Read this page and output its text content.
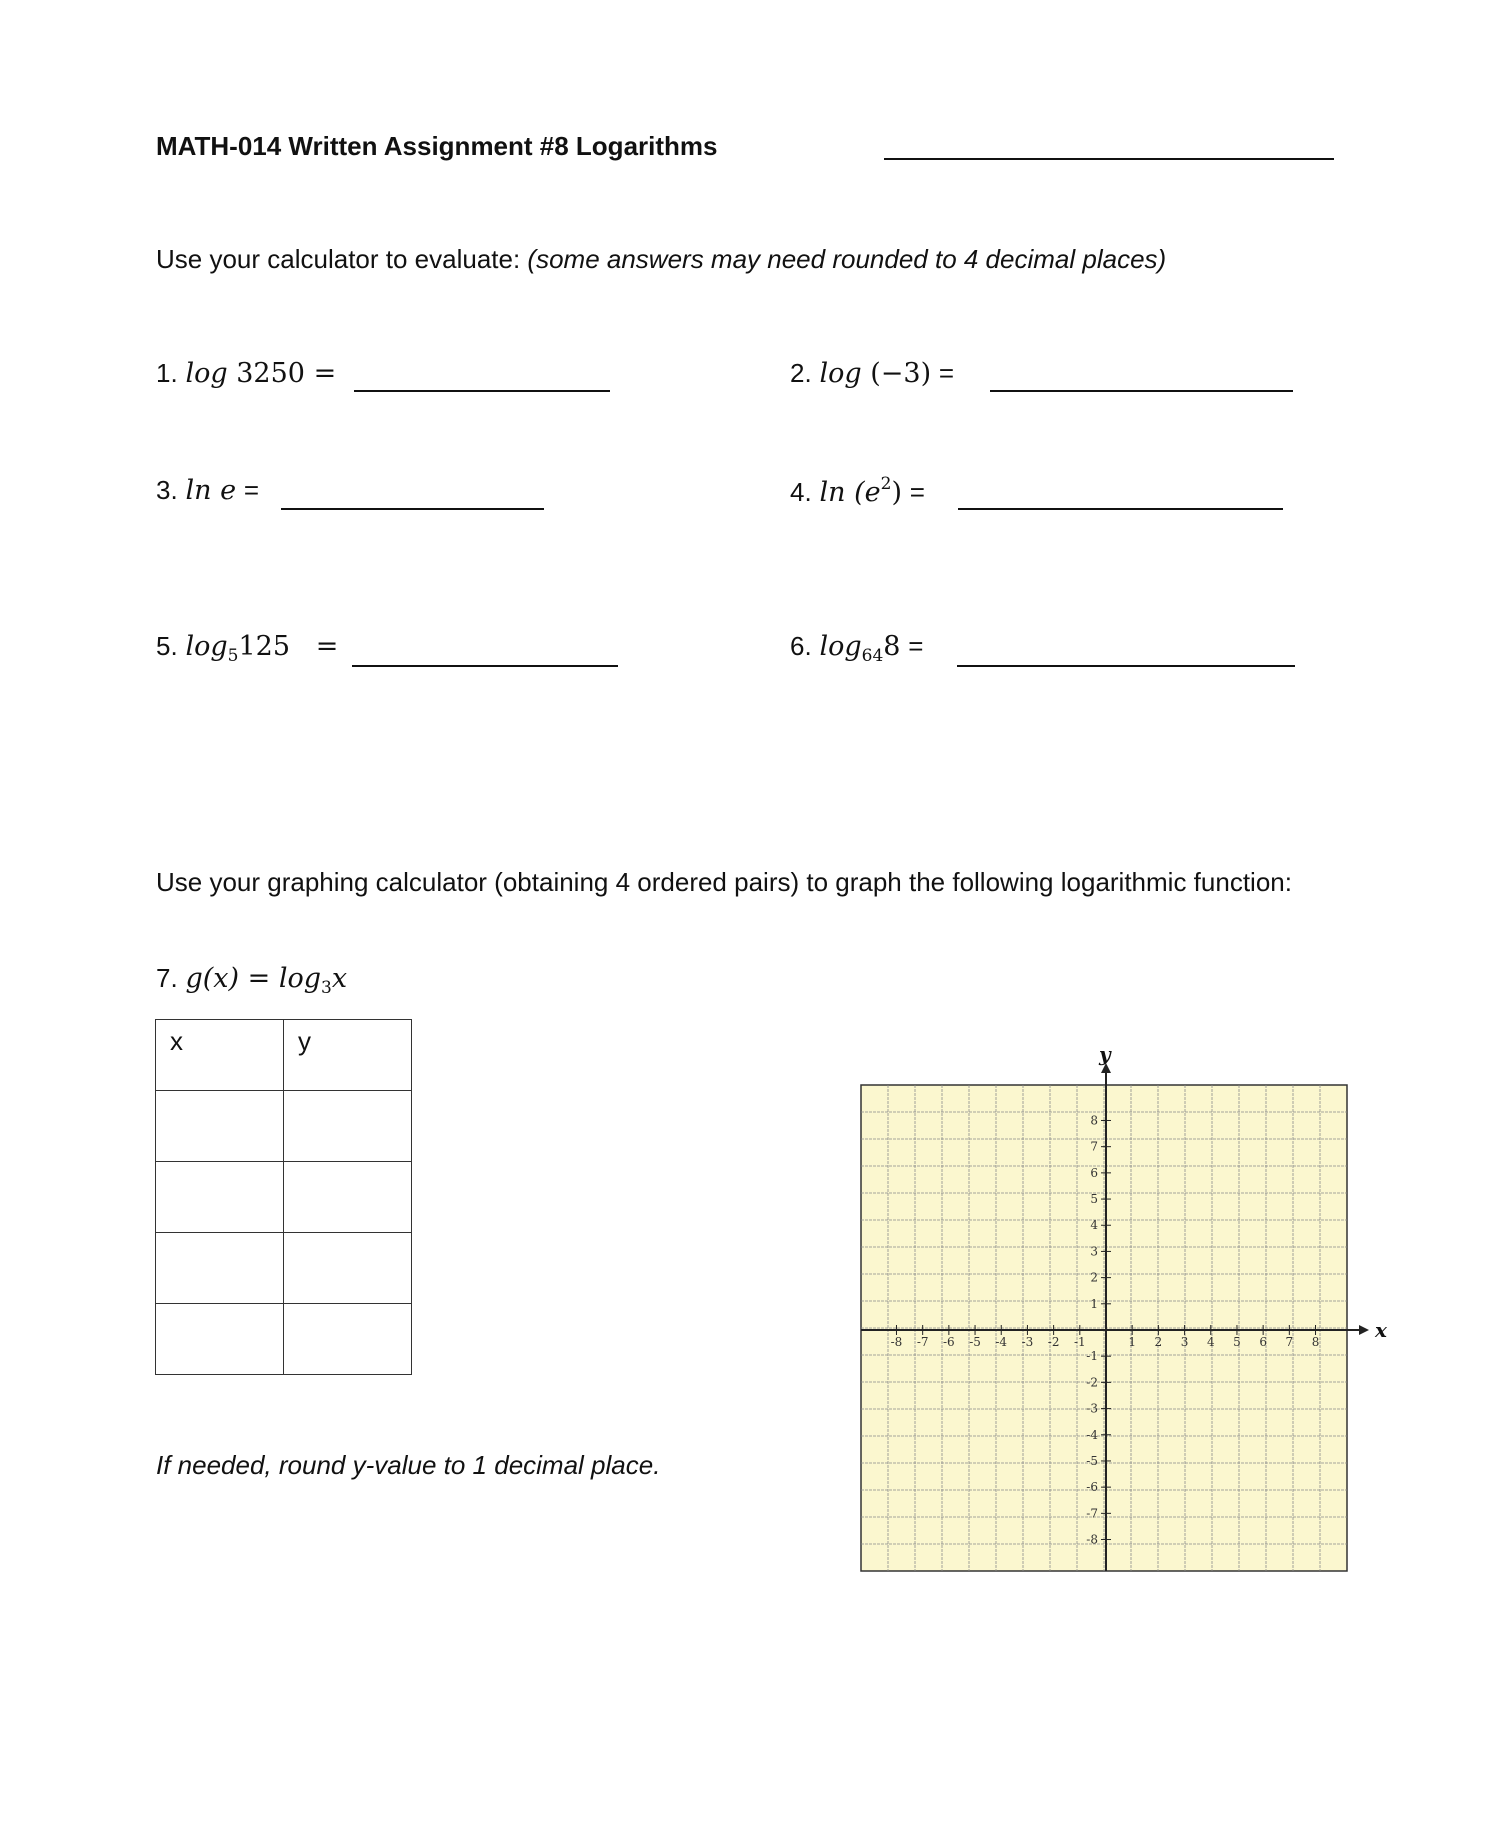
MATH-014 Written Assignment #8 Logarithms
Use your calculator to evaluate: (some answers may need rounded to 4 decimal places)
1. log 3250 =	2. log (−3) =
3. ln e =	4. $\ln (e^2)$ =
5. $\log_5125$ =	6. $\log_{64}8$ =
Use your graphing calculator (obtaining 4 ordered pairs) to graph the following logarithmic function:
7. $g(x) = \log_3x$
x	y

If needed, round y-value to 1 decimal place.
x
y
-8 -7 -6 -5 -4 -3 -2 -1	1 2 3 4 5 6 7 8
8
7
6
5
4
3
2
1
-1
-2
-3
-4
-5
-6
-7
-8
